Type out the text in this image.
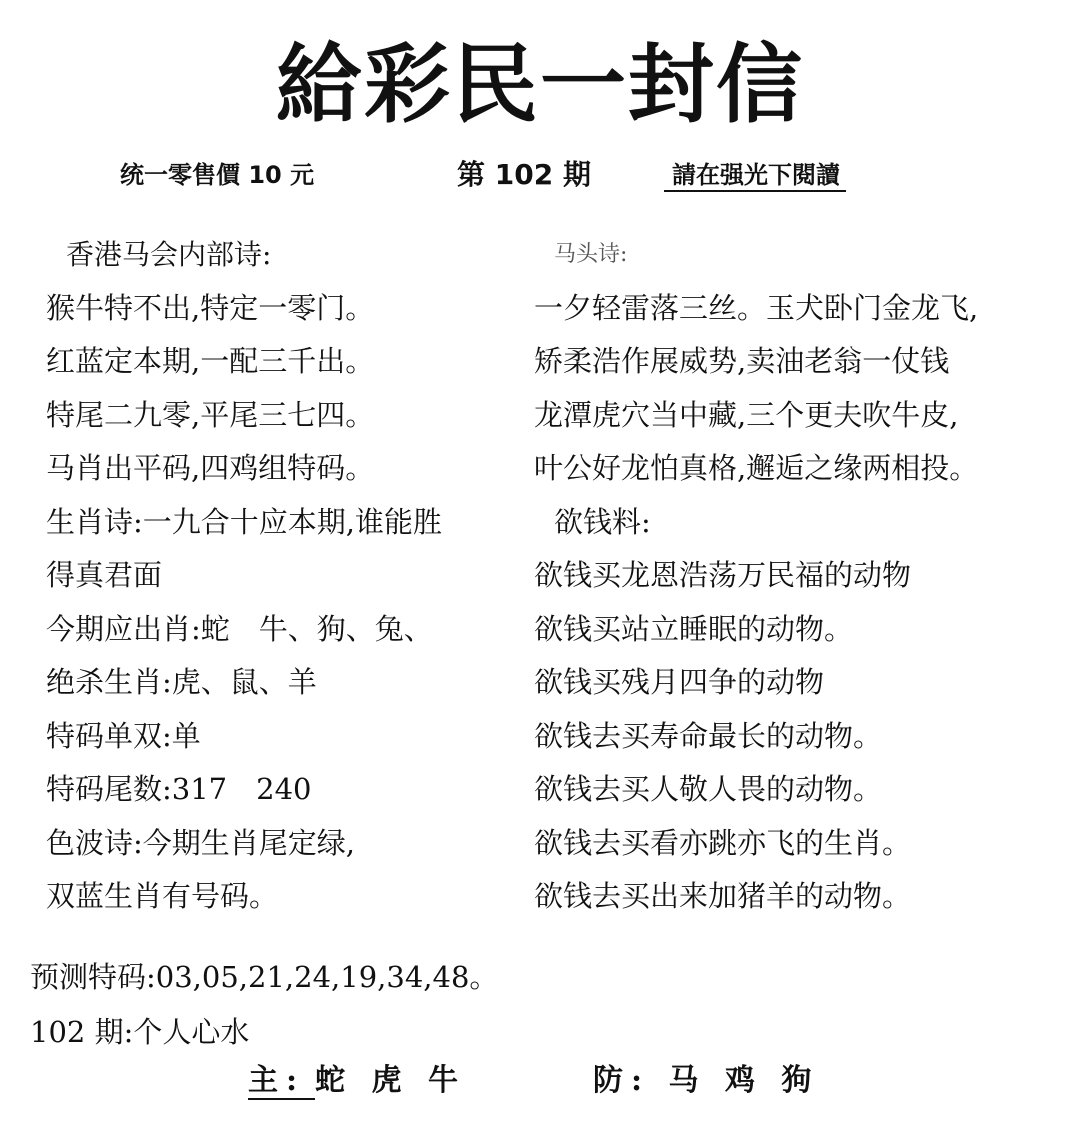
給彩民一封信
统一零售價 10 元	第 102 期	請在强光下閱讀
香港马会内部诗:
猴牛特不出,特定一零门。
红蓝定本期,一配三千出。
特尾二九零,平尾三七四。
马肖出平码,四鸡组特码。
生肖诗:一九合十应本期,谁能胜
得真君面
今期应出肖:蛇　牛、狗、兔、
绝杀生肖:虎、鼠、羊
特码单双:单
特码尾数:317　240
色波诗:今期生肖尾定绿,
双蓝生肖有号码。
马头诗:
一夕轻雷落三丝。玉犬卧门金龙飞,
矫柔浩作展威势,卖油老翁一仗钱
龙潭虎穴当中藏,三个更夫吹牛皮,
叶公好龙怕真格,邂逅之缘两相投。
欲钱料:
欲钱买龙恩浩荡万民福的动物
欲钱买站立睡眠的动物。
欲钱买残月四争的动物
欲钱去买寿命最长的动物。
欲钱去买人敬人畏的动物。
欲钱去买看亦跳亦飞的生肖。
欲钱去买出来加猪羊的动物。
预测特码:03,05,21,24,19,34,48。
102 期:个人心水
主: 蛇 虎 牛	防: 马 鸡 狗
